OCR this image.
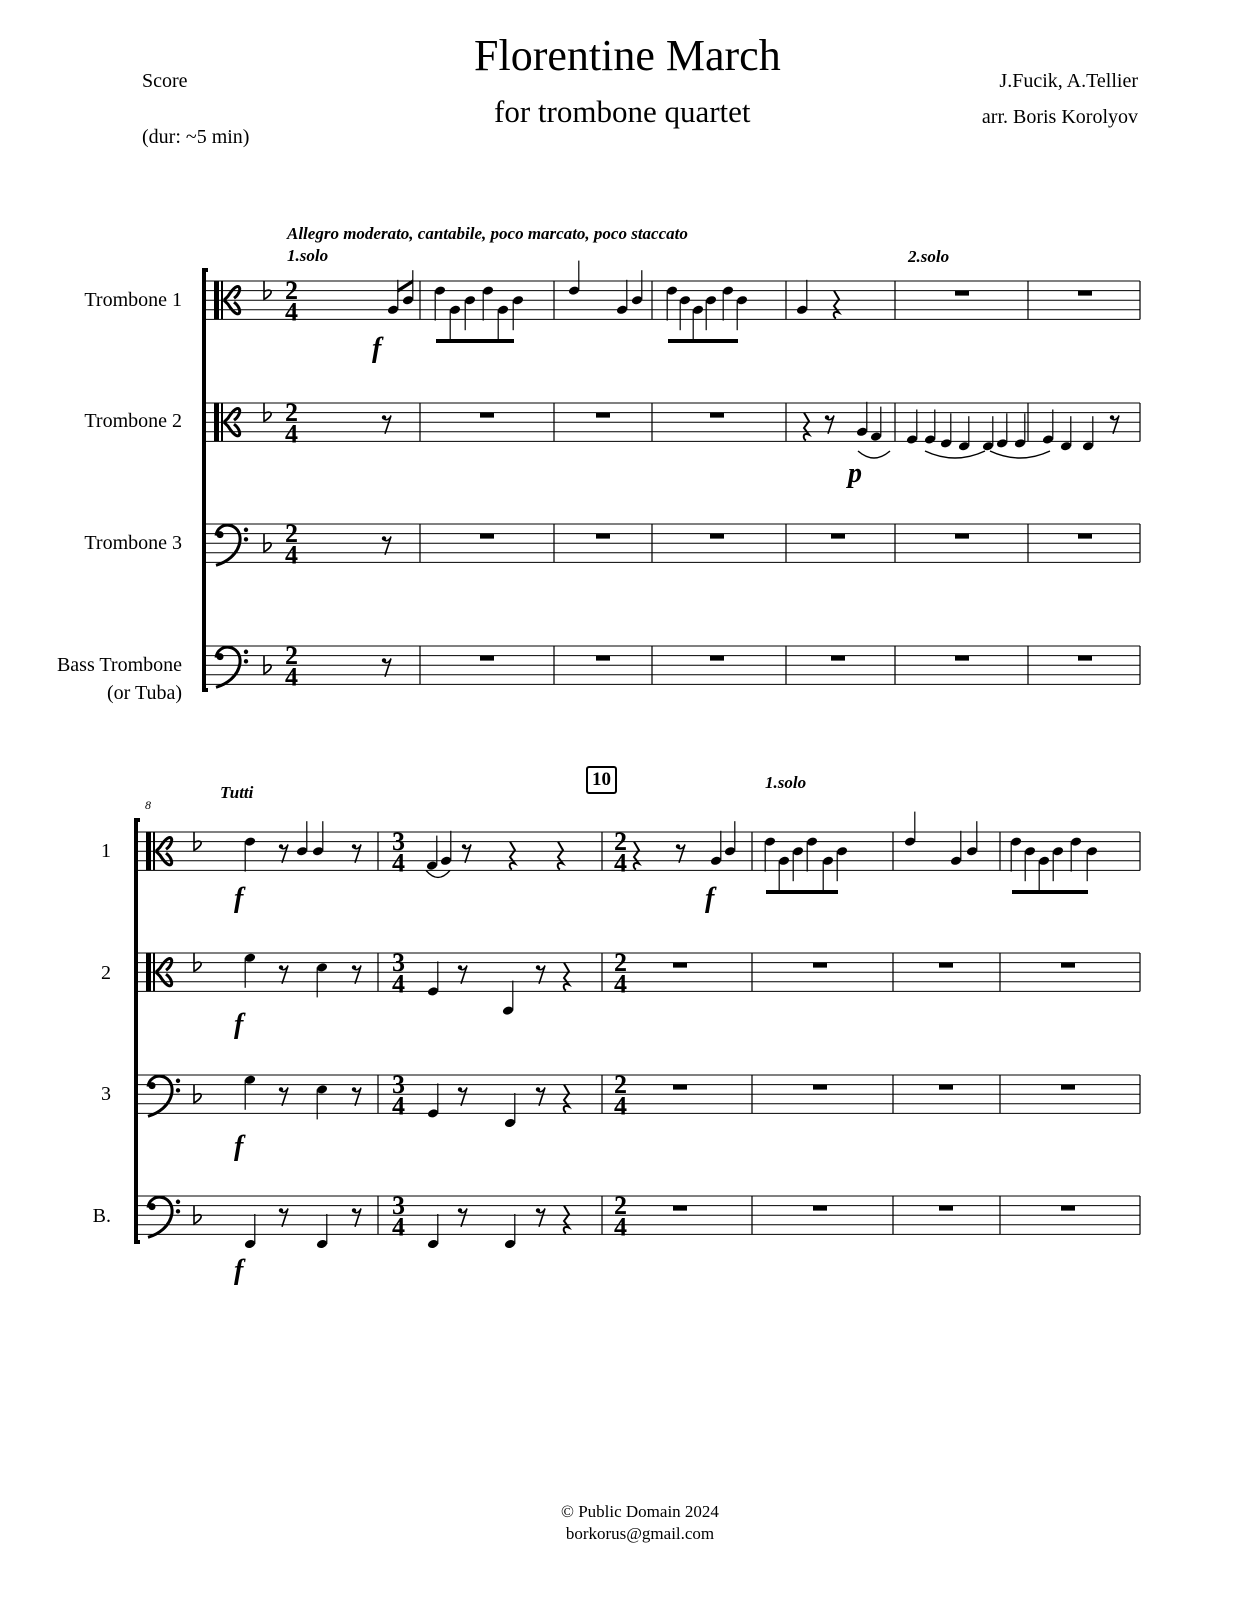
Florentine March
for trombone quartet
Score
(dur: ~5 min)
J.Fucik, A.Tellier
arr. Boris Korolyov
Allegro moderato, cantabile, poco marcato, poco staccato
1.solo	2.solo
Trombone 1
Trombone 2
Trombone 3
Bass Trombone
(or Tuba)
8
Tutti
10	1.solo
1
2
3
B.
© Public Domain 2024
borkorus@gmail.com
2
4
2
4
2
4
2
4
f
p
3
4
2
4
3
4
2
4
3
4
2
4
3
4
2
4
f	f
f
f
f
